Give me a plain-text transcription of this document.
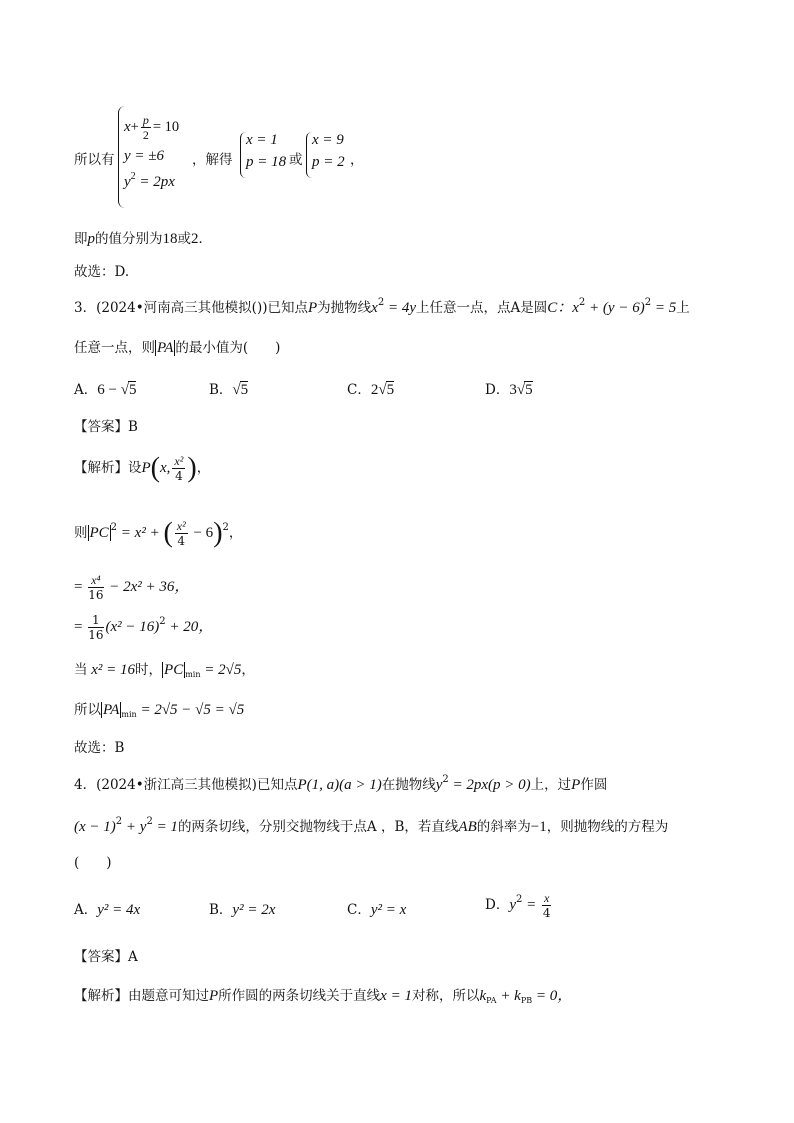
所以有
$x+ \frac{p}{2} = 10$
y = ±6
$y^2 = 2px$
，解得
x = 1
p = 18 或
x = 9
p = 2 ，
即p的值分别为18或2．
故选：D.
3．(2024•河南高三其他模拟())已知点P为抛物线$x^2 = 4y$上任意一点，点A是圆C：$x^2 + (y - 6)^2 = 5$上
任意一点，则 PA 的最小值为(　　)
A．6 − √5	B．√5	C．2√5	D．3√5
【答案】B
【解析】设P(x, $\frac{\text{x²}}{4}$ )，
则 PC $^2$ = x² + ( $\frac{\text{x²}}{4} - 6)^2$，
= $\frac{\text{x⁴}}{16} - 2x^2 + 36$，
= $\frac{1}{16} (x^2 - 16)^2 + 20$，
当 x² = 16时， PC $_{min}$ = 2√5，
所以 PA $_{min}$ = 2√5 − √5 = √5
故选：B
4．(2024•浙江高三其他模拟)已知点P(1, a)(a > 1)在抛物线$y^2 = 2px(p > 0)$上，过P作圆
$(x - 1)^2 + y^2 = 1$的两条切线，分别交抛物线于点A ，B，若直线AB的斜率为−1，则抛物线的方程为
(　　)
A．y² = 4x	B．y² = 2x	C．y² = x	D．$y^2 = \frac{x}{4}$
【答案】A
【解析】由题意可知过P所作圆的两条切线关于直线x = 1对称，所以$k_{PA} + k_{PB} = 0$，
